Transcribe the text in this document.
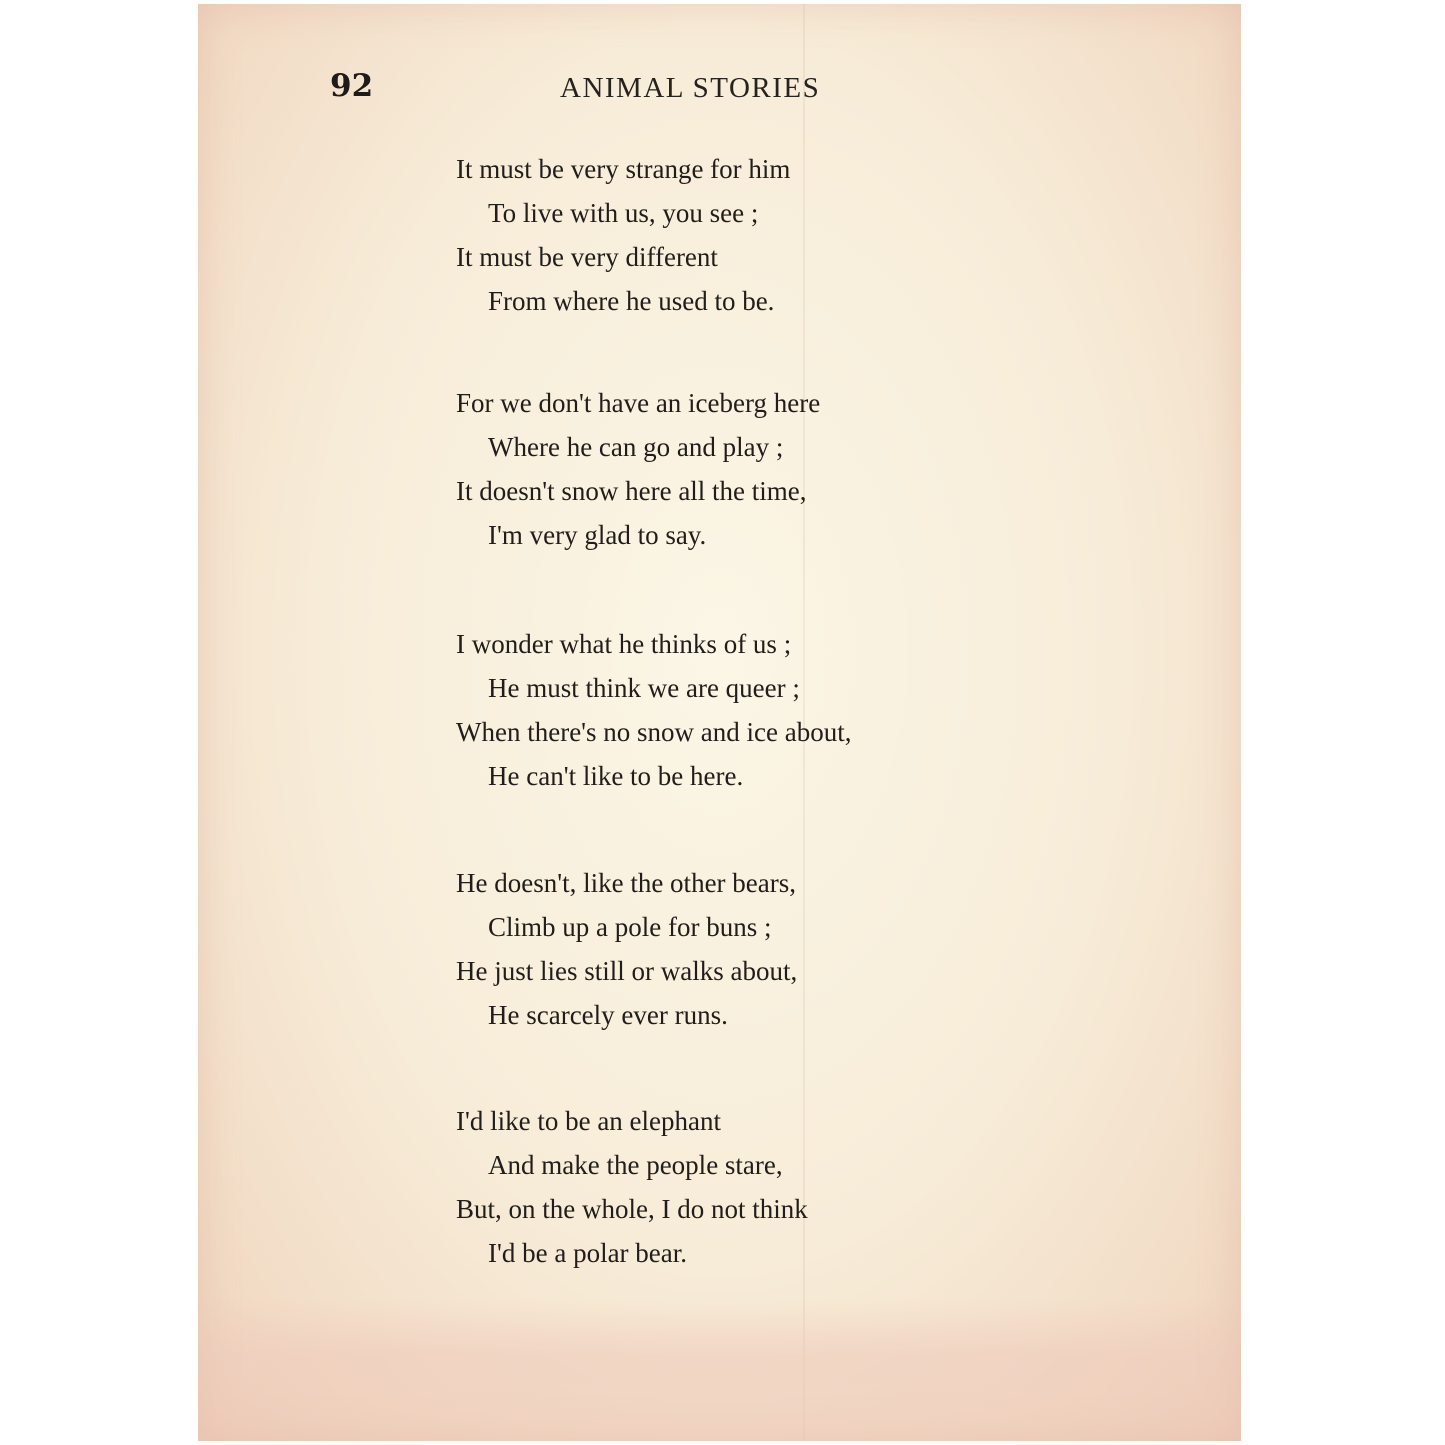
92	ANIMAL STORIES
It must be very strange for him
To live with us, you see ;
It must be very different
From where he used to be.
For we don't have an iceberg here
Where he can go and play ;
It doesn't snow here all the time,
I'm very glad to say.
I wonder what he thinks of us ;
He must think we are queer ;
When there's no snow and ice about,
He can't like to be here.
He doesn't, like the other bears,
Climb up a pole for buns ;
He just lies still or walks about,
He scarcely ever runs.
I'd like to be an elephant
And make the people stare,
But, on the whole, I do not think
I'd be a polar bear.
